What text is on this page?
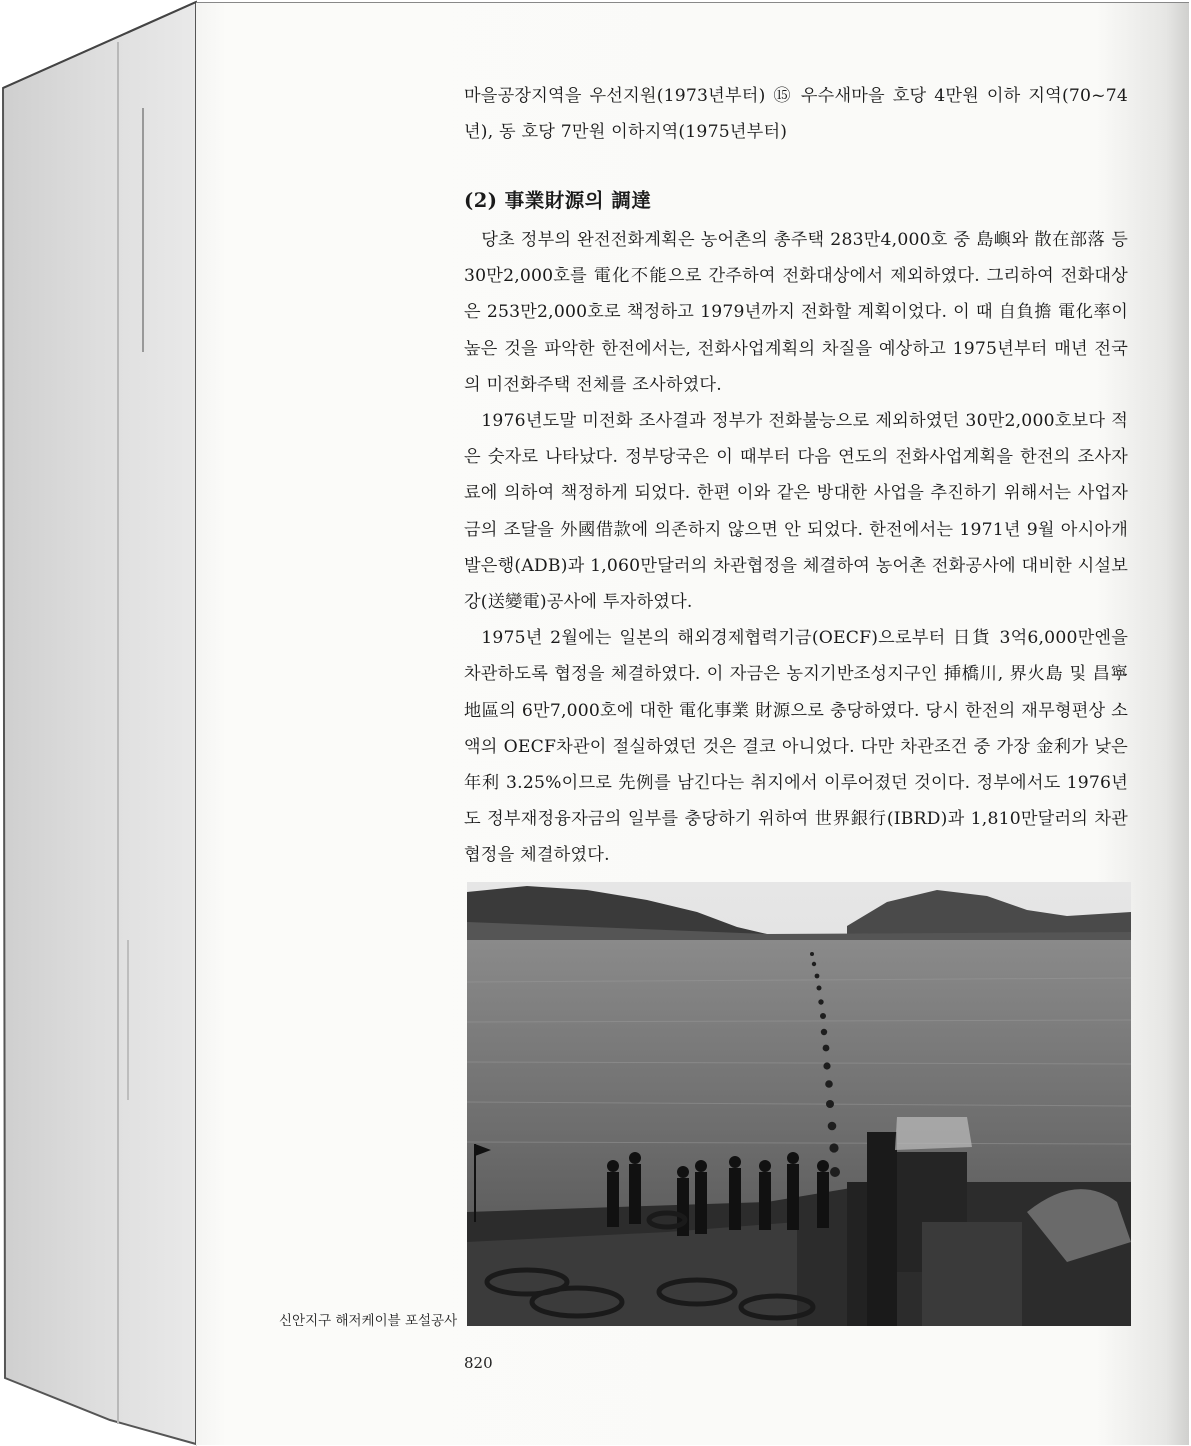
마을공장지역을 우선지원(1973년부터) ⑮ 우수새마을 호당 4만원 이하 지역(70~74

년), 동 호당 7만원 이하지역(1975년부터)

(2) 事業財源의 調達

당초 정부의 완전전화계획은 농어촌의 총주택 283만4,000호 중 島嶼와 散在部落 등 30만2,000호를 電化不能으로 간주하여 전화대상에서 제외하였다. 그리하여 전화대상은 253만2,000호로 책정하고 1979년까지 전화할 계획이었다. 이 때 自負擔 電化率이 높은 것을 파악한 한전에서는, 전화사업계획의 차질을 예상하고 1975년부터 매년 전국의 미전화주택 전체를 조사하였다.

1976년도말 미전화 조사결과 정부가 전화불능으로 제외하였던 30만2,000호보다 적은 숫자로 나타났다. 정부당국은 이 때부터 다음 연도의 전화사업계획을 한전의 조사자료에 의하여 책정하게 되었다. 한편 이와 같은 방대한 사업을 추진하기 위해서는 사업자금의 조달을 外國借款에 의존하지 않으면 안 되었다. 한전에서는 1971년 9월 아시아개발은행(ADB)과 1,060만달러의 차관협정을 체결하여 농어촌 전화공사에 대비한 시설보강(送變電)공사에 투자하였다.

1975년 2월에는 일본의 해외경제협력기금(OECF)으로부터 日貨 3억6,000만엔을 차관하도록 협정을 체결하였다. 이 자금은 농지기반조성지구인 挿橋川, 界火島 및 昌寧地區의 6만7,000호에 대한 電化事業 財源으로 충당하였다. 당시 한전의 재무형편상 소액의 OECF차관이 절실하였던 것은 결코 아니었다. 다만 차관조건 중 가장 金利가 낮은 年利 3.25%이므로 先例를 남긴다는 취지에서 이루어졌던 것이다. 정부에서도 1976년도 정부재정융자금의 일부를 충당하기 위하여 世界銀行(IBRD)과 1,810만달러의 차관협정을 체결하였다.

신안지구 해저케이블 포설공사
820
